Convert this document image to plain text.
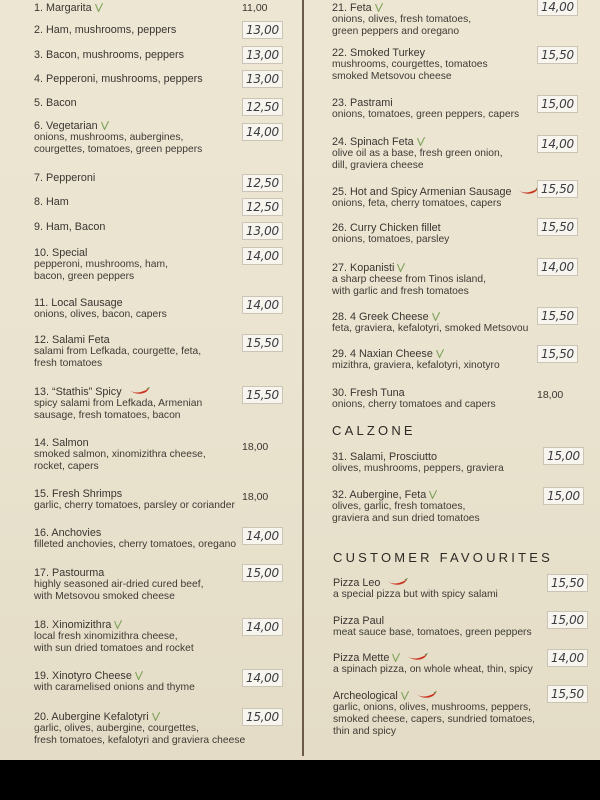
1. Margarita	11,00
2. Ham, mushrooms, peppers	13,00
3. Bacon, mushrooms, peppers	13,00
4. Pepperoni, mushrooms, peppers	13,00
5. Bacon	12,50
6. Vegetarian
onions, mushrooms, aubergines,
courgettes, tomatoes, green peppers
14,00
7. Pepperoni	12,50
8. Ham	12,50
9. Ham, Bacon	13,00
10. Special
pepperoni, mushrooms, ham,
bacon, green peppers
14,00
11. Local Sausage
onions, olives, bacon, capers
14,00
12. Salami Feta
salami from Lefkada, courgette, feta,
fresh tomatoes
15,50
13. “Stathis” Spicy
spicy salami from Lefkada, Armenian
sausage, fresh tomatoes, bacon
15,50
14. Salmon
smoked salmon, xinomizithra cheese,
rocket, capers
18,00
15. Fresh Shrimps
garlic, cherry tomatoes, parsley or coriander
18,00
16. Anchovies
filleted anchovies, cherry tomatoes, oregano
14,00
17. Pastourma
highly seasoned air-dried cured beef,
with Metsovou smoked cheese
15,00
18. Xinomizithra
local fresh xinomizithra cheese,
with sun dried tomatoes and rocket
14,00
19. Xinotyro Cheese
with caramelised onions and thyme
14,00
20. Aubergine Kefalotyri
garlic, olives, aubergine, courgettes,
fresh tomatoes, kefalotyri and graviera cheese
15,00
21. Feta
onions, olives, fresh tomatoes,
green peppers and oregano
14,00
22. Smoked Turkey
mushrooms, courgettes, tomatoes
smoked Metsovou cheese
15,50
23. Pastrami
onions, tomatoes, green peppers, capers
15,00
24. Spinach Feta
olive oil as a base, fresh green onion,
dill, graviera cheese
14,00
25. Hot and Spicy Armenian Sausage
onions, feta, cherry tomatoes, capers
15,50
26. Curry Chicken fillet
onions, tomatoes, parsley
15,50
27. Kopanisti
a sharp cheese from Tinos island,
with garlic and fresh tomatoes
14,00
28. 4 Greek Cheese
feta, graviera, kefalotyri, smoked Metsovou
15,50
29. 4 Naxian Cheese
mizithra, graviera, kefalotyri, xinotyro
15,50
30. Fresh Tuna
onions, cherry tomatoes and capers
18,00
31. Salami, Prosciutto
olives, mushrooms, peppers, graviera
15,00
32. Aubergine, Feta
olives, garlic, fresh tomatoes,
graviera and sun dried tomatoes
15,00
Pizza Leo
a special pizza but with spicy salami
15,50
Pizza Paul
meat sauce base, tomatoes, green peppers
15,00
Pizza Mette
a spinach pizza, on whole wheat, thin, spicy
14,00
Archeological
garlic, onions, olives, mushrooms, peppers,
smoked cheese, capers, sundried tomatoes,
thin and spicy
15,50
CALZONE
CUSTOMER FAVOURITES
